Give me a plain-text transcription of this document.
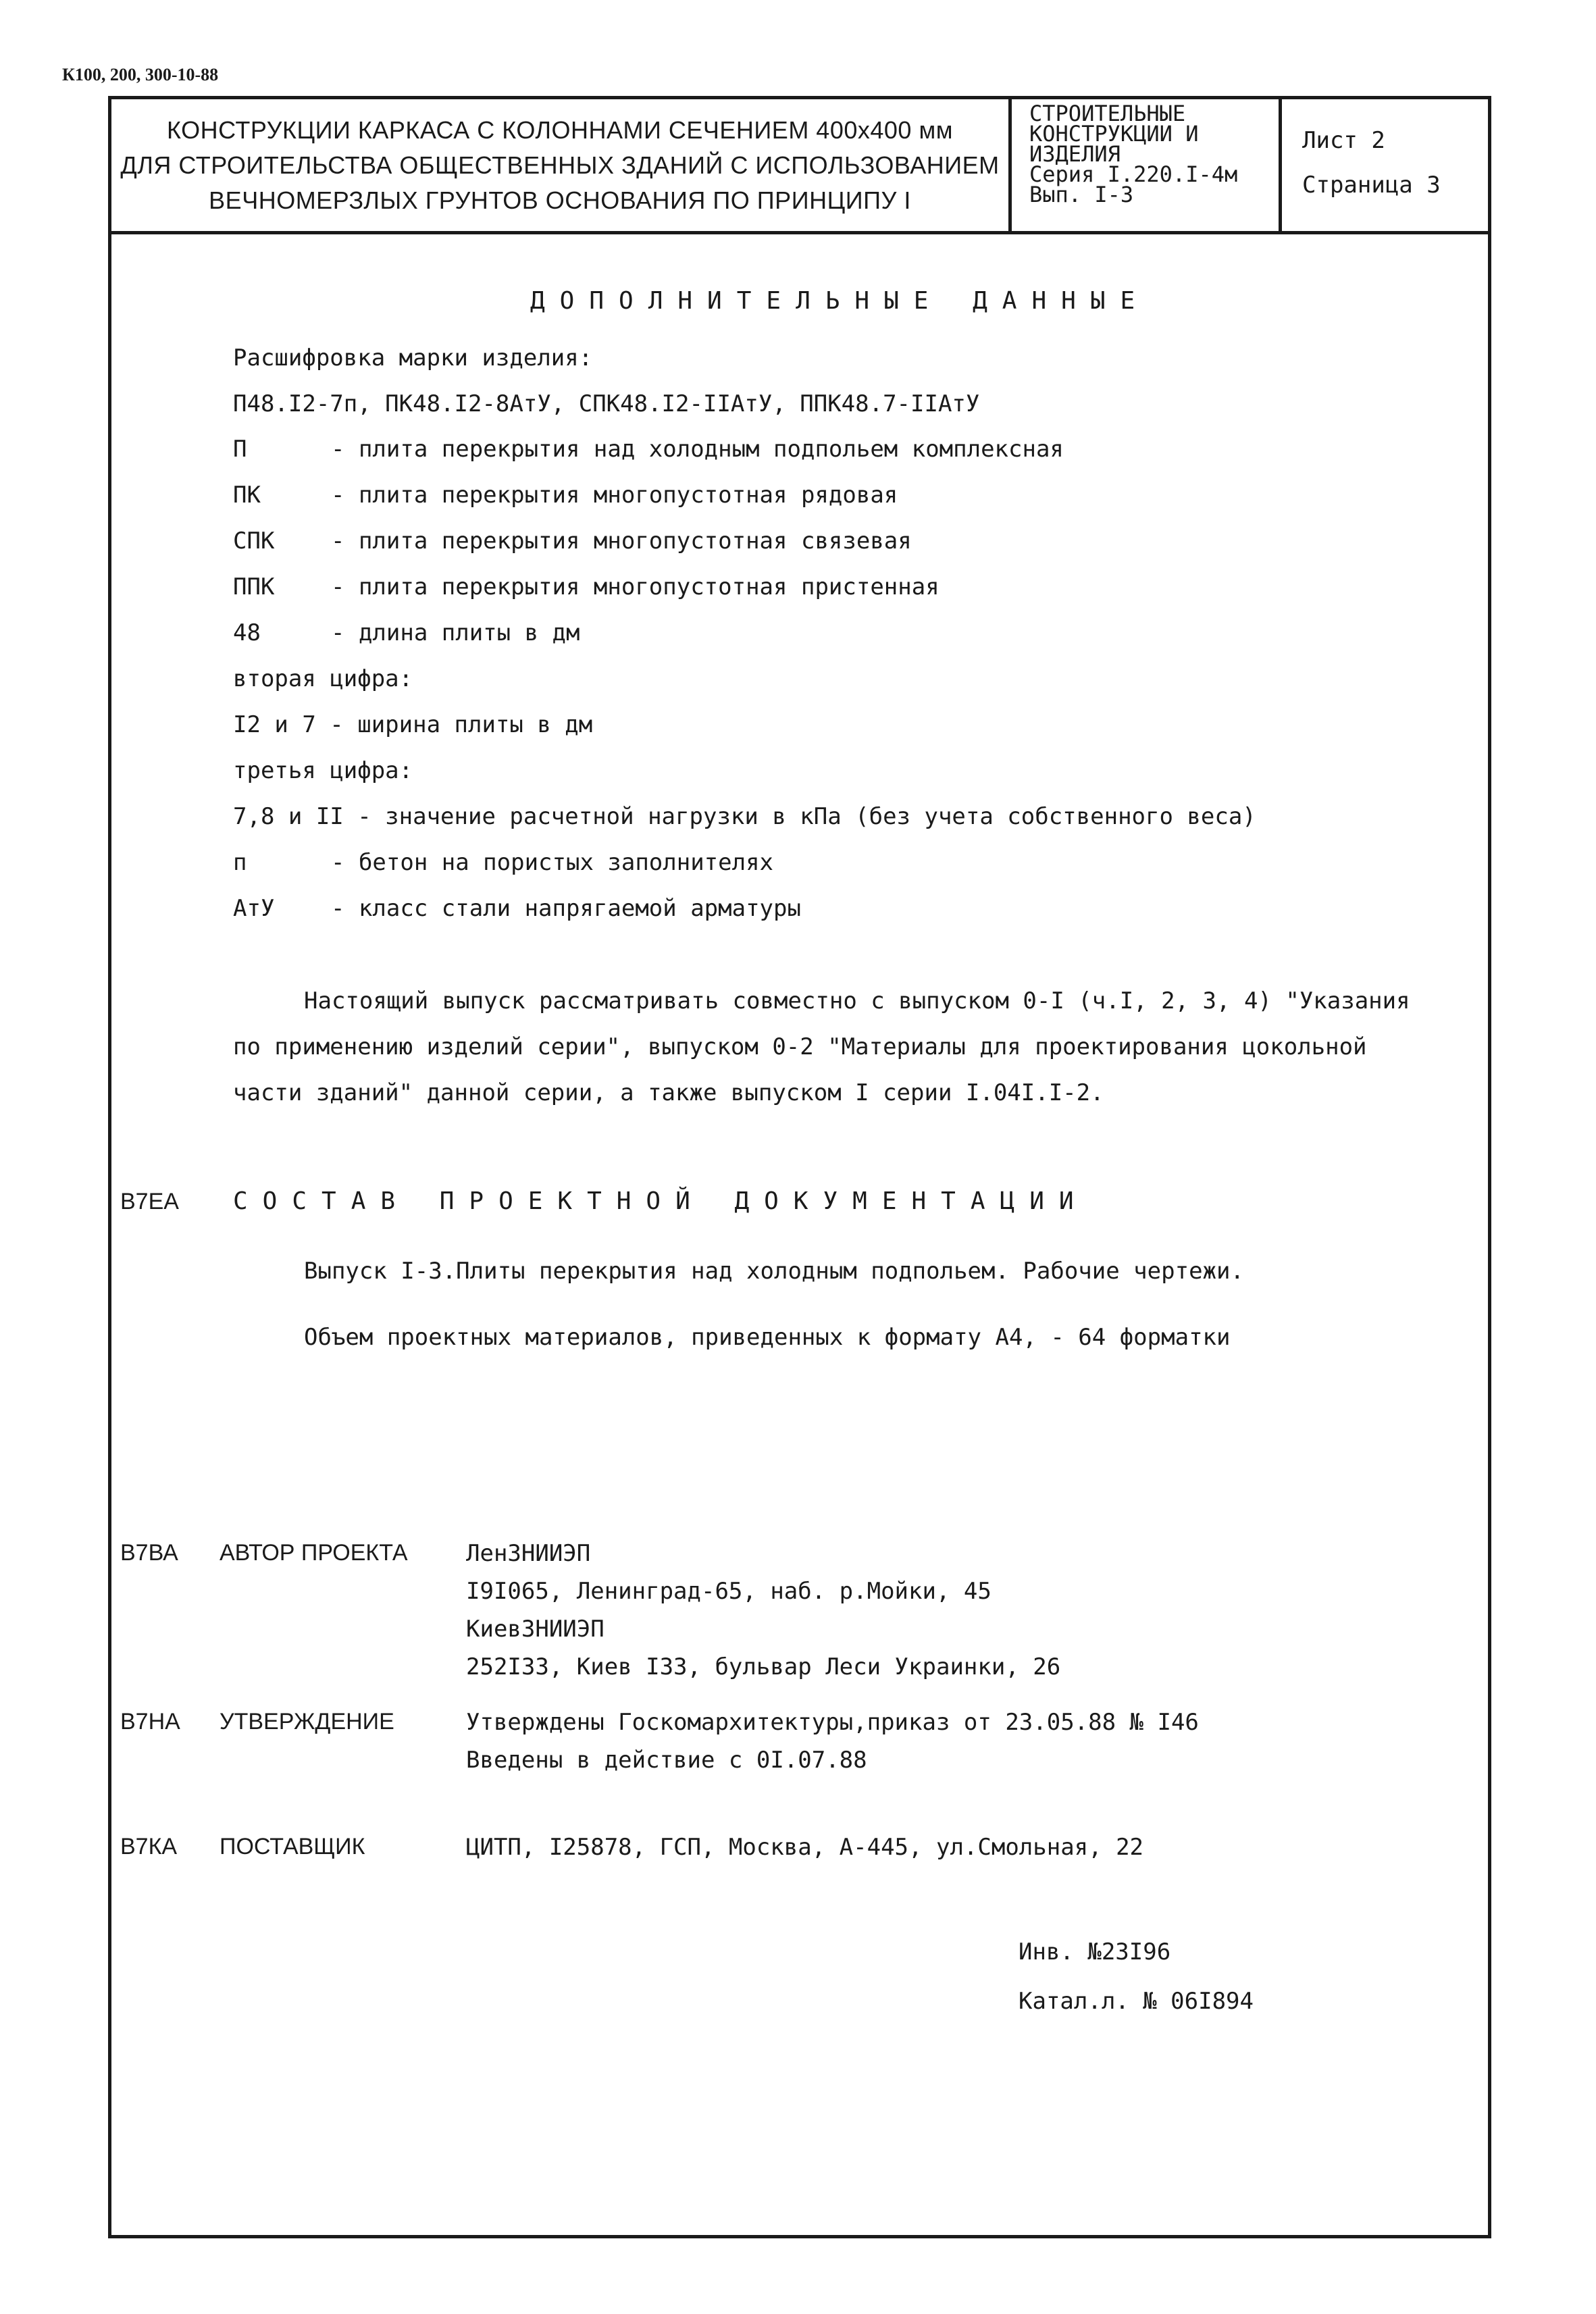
К100, 200, 300-10-88
КОНСТРУКЦИИ КАРКАСА С КОЛОННАМИ СЕЧЕНИЕМ 400х400 мм
ДЛЯ СТРОИТЕЛЬСТВА ОБЩЕСТВЕННЫХ ЗДАНИЙ С ИСПОЛЬЗОВАНИЕМ
ВЕЧНОМЕРЗЛЫХ ГРУНТОВ ОСНОВАНИЯ ПО ПРИНЦИПУ I
СТРОИТЕЛЬНЫЕ
КОНСТРУКЦИИ И
ИЗДЕЛИЯ
Серия I.220.I-4м
Вып. I-3
Лист 2
Страница 3
ДОПОЛНИТЕЛЬНЫЕ ДАННЫЕ
Расшифровка марки изделия:
П48.I2-7п, ПК48.I2-8АтУ, СПК48.I2-IIАтУ, ППК48.7-IIАтУ
П	- плита перекрытия над холодным подпольем комплексная
ПК	- плита перекрытия многопустотная рядовая
СПК - плита перекрытия многопустотная связевая
ППК - плита перекрытия многопустотная пристенная
48	- длина плиты в дм
вторая цифра:
I2 и 7 - ширина плиты в дм
третья цифра:
7,8 и II - значение расчетной нагрузки в кПа (без учета собственного веса)
п	- бетон на пористых заполнителях
АтУ - класс стали напрягаемой арматуры
Настоящий выпуск рассматривать совместно с выпуском 0-I (ч.I, 2, 3, 4) "Указания
по применению изделий серии", выпуском 0-2 "Материалы для проектирования цокольной
части зданий" данной серии, а также выпуском I серии I.04I.I-2.
В7ЕА СОСТАВ ПРОЕКТНОЙ ДОКУМЕНТАЦИИ
Выпуск I-3.Плиты перекрытия над холодным подпольем. Рабочие чертежи.
Объем проектных материалов, приведенных к формату А4, - 64 форматки
В7ВА АВТОР ПРОЕКТА	ЛенЗНИИЭП
I9I065, Ленинград-65, наб. р.Мойки, 45
КиевЗНИИЭП
252I33, Киев I33, бульвар Леси Украинки, 26
В7НА УТВЕРЖДЕНИЕ	Утверждены Госкомархитектуры,приказ от 23.05.88 № I46
Введены в действие с 0I.07.88
В7КА ПОСТАВЩИК	ЦИТП, I25878, ГСП, Москва, А-445, ул.Смольная, 22
Инв. №23I96
Катал.л. № 06I894
